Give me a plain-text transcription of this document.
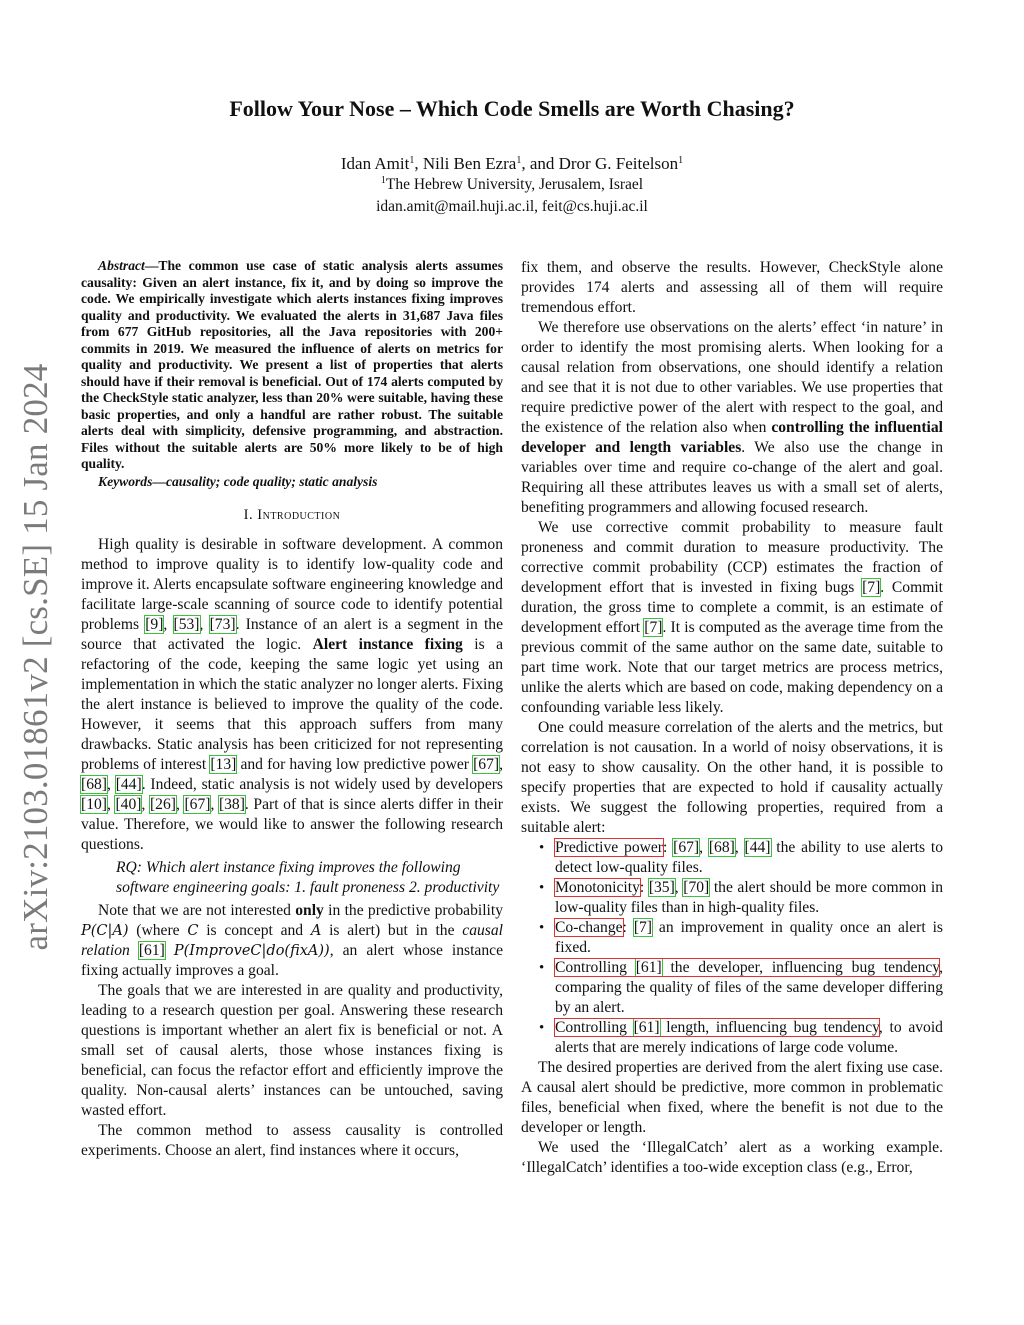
arXiv:2103.01861v2 [cs.SE] 15 Jan 2024
Follow Your Nose – Which Code Smells are Worth Chasing?
Idan Amit$^1$, Nili Ben Ezra$^1$, and Dror G. Feitelson$^1$
$^1$The Hebrew University, Jerusalem, Israel
idan.amit@mail.huji.ac.il, feit@cs.huji.ac.il

Abstract—The common use case of static analysis alerts assumes causality: Given an alert instance, fix it, and by doing so improve the code. We empirically investigate which alerts instances fixing improves quality and productivity. We evaluated the alerts in 31,687 Java files from 677 GitHub repositories, all the Java repositories with 200+ commits in 2019. We measured the influence of alerts on metrics for quality and productivity. We present a list of properties that alerts should have if their removal is beneficial. Out of 174 alerts computed by the CheckStyle static analyzer, less than 20% were suitable, having these basic properties, and only a handful are rather robust. The suitable alerts deal with simplicity, defensive programming, and abstraction. Files without the suitable alerts are 50% more likely to be of high quality.

Keywords—causality; code quality; static analysis

I. Introduction

High quality is desirable in software development. A common method to improve quality is to identify low-quality code and improve it. Alerts encapsulate software engineering knowledge and facilitate large-scale scanning of source code to identify potential problems [9], [53], [73]. Instance of an alert is a segment in the source that activated the logic. Alert instance fixing is a refactoring of the code, keeping the same logic yet using an implementation in which the static analyzer no longer alerts. Fixing the alert instance is believed to improve the quality of the code. However, it seems that this approach suffers from many drawbacks. Static analysis has been criticized for not representing problems of interest [13] and for having low predictive power [67], [68], [44]. Indeed, static analysis is not widely used by developers [10], [40], [26], [67], [38]. Part of that is since alerts differ in their value. Therefore, we would like to answer the following research questions.

RQ: Which alert instance fixing improves the following software engineering goals: 1. fault proneness 2. productivity

Note that we are not interested only in the predictive probability P(C|A) (where C is concept and A is alert) but in the causal relation [61] P(ImproveC|do(fixA)), an alert whose instance fixing actually improves a goal.

The goals that we are interested in are quality and productivity, leading to a research question per goal. Answering these research questions is important whether an alert fix is beneficial or not. A small set of causal alerts, those whose instances fixing is beneficial, can focus the refactor effort and efficiently improve the quality. Non-causal alerts’ instances can be untouched, saving wasted effort.

The common method to assess causality is controlled experiments. Choose an alert, find instances where it occurs,

fix them, and observe the results. However, CheckStyle alone provides 174 alerts and assessing all of them will require tremendous effort.

We therefore use observations on the alerts’ effect ‘in nature’ in order to identify the most promising alerts. When looking for a causal relation from observations, one should identify a relation and see that it is not due to other variables. We use properties that require predictive power of the alert with respect to the goal, and the existence of the relation also when controlling the influential developer and length variables. We also use the change in variables over time and require co-change of the alert and goal. Requiring all these attributes leaves us with a small set of alerts, benefiting programmers and allowing focused research.

We use corrective commit probability to measure fault proneness and commit duration to measure productivity. The corrective commit probability (CCP) estimates the fraction of development effort that is invested in fixing bugs [7]. Commit duration, the gross time to complete a commit, is an estimate of development effort [7]. It is computed as the average time from the previous commit of the same author on the same date, suitable to part time work. Note that our target metrics are process metrics, unlike the alerts which are based on code, making dependency on a confounding variable less likely.

One could measure correlation of the alerts and the metrics, but correlation is not causation. In a world of noisy observations, it is not easy to show causality. On the other hand, it is possible to specify properties that are expected to hold if causality actually exists. We suggest the following properties, required from a suitable alert:

• Predictive power: [67], [68], [44] the ability to use alerts to detect low-quality files.
• Monotonicity: [35], [70] the alert should be more common in low-quality files than in high-quality files.
• Co-change: [7] an improvement in quality once an alert is fixed.
• Controlling [61] the developer, influencing bug tendency, comparing the quality of files of the same developer differing by an alert.
• Controlling [61] length, influencing bug tendency, to avoid alerts that are merely indications of large code volume.

The desired properties are derived from the alert fixing use case. A causal alert should be predictive, more common in problematic files, beneficial when fixed, where the benefit is not due to the developer or length.

We used the ‘IllegalCatch’ alert as a working example. ‘IllegalCatch’ identifies a too-wide exception class (e.g., Error,
